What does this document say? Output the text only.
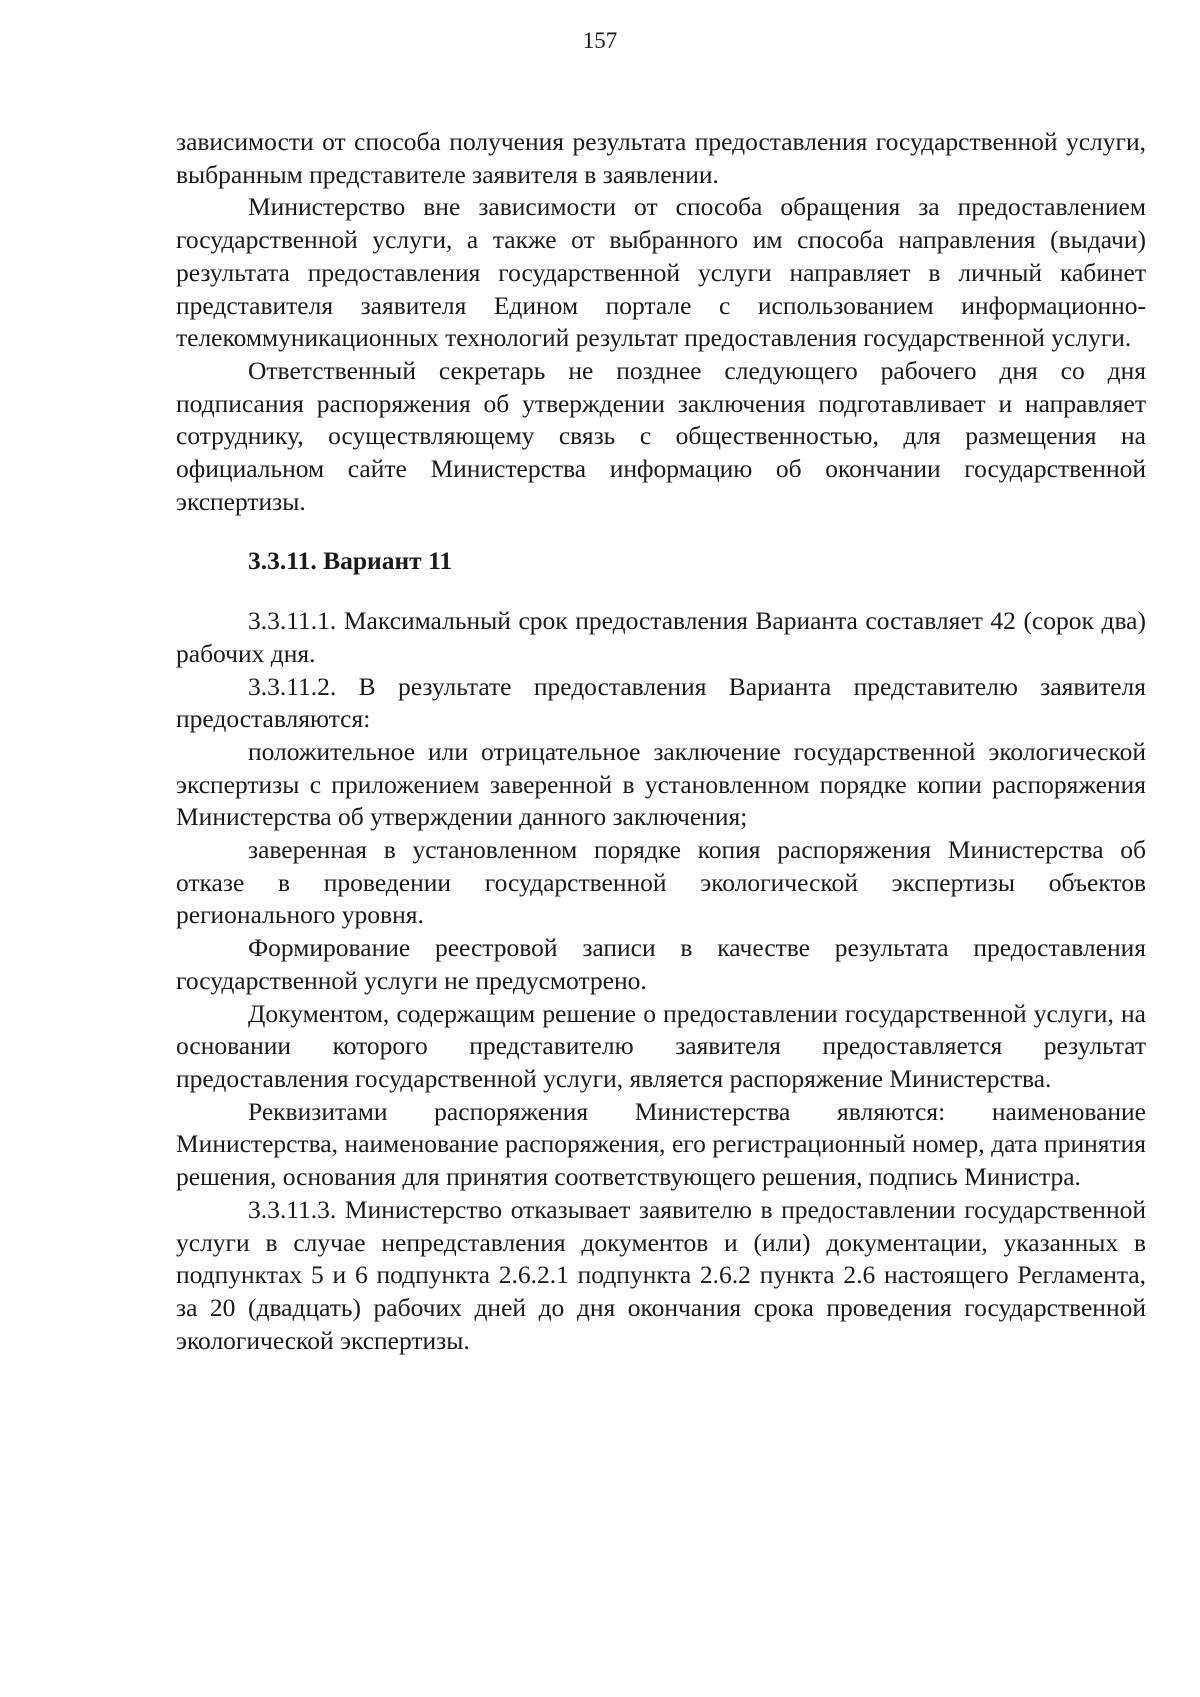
157

зависимости от способа получения результата предоставления государственной услуги, выбранным представителе заявителя в заявлении.

Министерство вне зависимости от способа обращения за предоставлением государственной услуги, а также от выбранного им способа направления (выдачи) результата предоставления государственной услуги направляет в личный кабинет представителя заявителя Едином портале с использованием информационно-телекоммуникационных технологий результат предоставления государственной услуги.

Ответственный секретарь не позднее следующего рабочего дня со дня подписания распоряжения об утверждении заключения подготавливает и направляет сотруднику, осуществляющему связь с общественностью, для размещения на официальном сайте Министерства информацию об окончании государственной экспертизы.

3.3.11. Вариант 11

3.3.11.1. Максимальный срок предоставления Варианта составляет 42 (сорок два) рабочих дня.

3.3.11.2. В результате предоставления Варианта представителю заявителя предоставляются:

положительное или отрицательное заключение государственной экологической экспертизы с приложением заверенной в установленном порядке копии распоряжения Министерства об утверждении данного заключения;

заверенная в установленном порядке копия распоряжения Министерства об отказе в проведении государственной экологической экспертизы объектов регионального уровня.

Формирование реестровой записи в качестве результата предоставления государственной услуги не предусмотрено.

Документом, содержащим решение о предоставлении государственной услуги, на основании которого представителю заявителя предоставляется результат предоставления государственной услуги, является распоряжение Министерства.

Реквизитами распоряжения Министерства являются: наименование Министерства, наименование распоряжения, его регистрационный номер, дата принятия решения, основания для принятия соответствующего решения, подпись Министра.

3.3.11.3. Министерство отказывает заявителю в предоставлении государственной услуги в случае непредставления документов и (или) документации, указанных в подпунктах 5 и 6 подпункта 2.6.2.1 подпункта 2.6.2 пункта 2.6 настоящего Регламента, за 20 (двадцать) рабочих дней до дня окончания срока проведения государственной экологической экспертизы.
